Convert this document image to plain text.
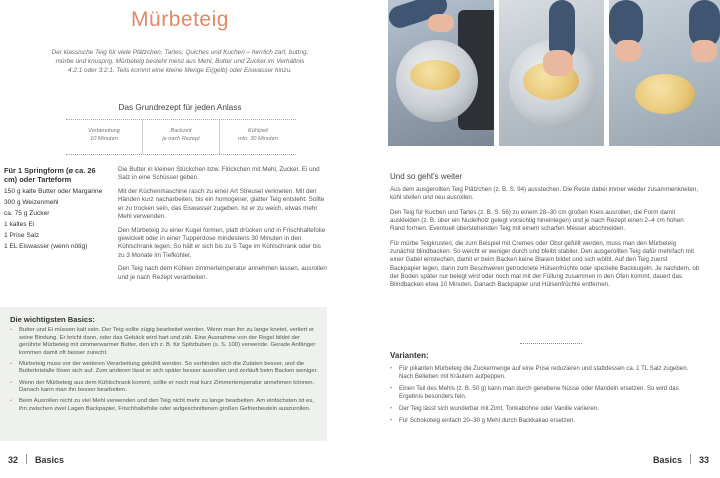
Mürbeteig
Der klassische Teig für viele Plätzchen, Tartes, Quiches und Kuchen – herrlich zart, buttrig, mürbe und knusprig. Mürbeteig besteht meist aus Mehl, Butter und Zucker im Verhältnis 4:2:1 oder 3:2:1. Teils kommt eine kleine Menge Ei(gelb) oder Eiswasser hinzu.
Das Grundrezept für jeden Anlass
Vorbereitung
10 Minuten
Backzeit
je nach Rezept
Kühlzeit
min. 30 Minuten
Für 1 Springform (ø ca. 26 cm) oder Tarteform
150 g kalte Butter oder Margarine
300 g Weizenmehl
ca. 75 g Zucker
1 kaltes Ei
1 Prise Salz
1 EL Eiswasser (wenn nötig)

Die Butter in kleinen Stückchen bzw. Flöckchen mit Mehl, Zucker, Ei und Salz in eine Schüssel geben.

Mit der Küchenmaschine rasch zu einer Art Streusel verkneten. Mit den Händen kurz nacharbeiten, bis ein homogener, glatter Teig entsteht. Sollte er zu trocken sein, das Eiswasser zugeben. Ist er zu weich, etwas mehr Mehl verwenden.

Den Mürbeteig zu einer Kugel formen, platt drücken und in Frischhaltefolie gewickelt oder in einer Tupperdose mindestens 30 Minuten in den Kühlschrank legen. So hält er sich bis zu 5 Tage im Kühlschrank oder bis zu 3 Monate im Tiefkühler.

Den Teig nach dem Kühlen zimmertemperatur annehmen lassen, ausrollen und je nach Rezept verarbeiten.

Die wichtigsten Basics:
• Butter und Ei müssen kalt sein. Der Teig sollte zügig bearbeitet werden. Wenn man ihn zu lange knetet, verliert er seine Bindung. Er bricht dann, oder das Gebäck wird hart und zäh. Eine Ausnahme von der Regel bildet der gerührte Mürbeteig mit zimmerwarmer Butter, den ich z. B. für Spitzbuben (s. S. 100) verwende. Gerade Anfänger kommen damit oft besser zurecht.
• Mürbeteig muss vor der weiteren Verarbeitung gekühlt werden. So verbinden sich die Zutaten besser, und die Butterkristalle lösen sich auf. Zum anderen lässt er sich später besser ausrollen und zerläuft beim Backen weniger.
• Wenn der Mürbeteig aus dem Kühlschrank kommt, sollte er noch mal kurz Zimmertemperatur annehmen können. Danach kann man ihn besser bearbeiten.
• Beim Ausrollen nicht zu viel Mehl verwenden und den Teig nicht mehr zu lange bearbeiten. Am einfachsten ist es, ihn zwischen zwei Lagen Backpapier, Frischhaltefolie oder aufgeschnittenen großen Gefrierbeuteln auszurollen.
32 Basics
Und so geht's weiter

Aus dem ausgerollten Teig Plätzchen (z. B. S. 94) ausstechen. Die Reste dabei immer wieder zusammenkneten, kühl stellen und neu ausrollen.

Den Teig für Kuchen und Tartes (z. B. S. 56) zu einem 28–30 cm großen Kreis ausrollen, die Form damit auskleiden (z. B. über ein Nudelholz gelegt vorsichtig hineinlegen) und je nach Rezept einen 2–4 cm hohen Rand formen. Eventuell überstehenden Teig mit einem scharfen Messer abschneiden.

Für mürbe Teigkrusten, die zum Beispiel mit Cremes oder Obst gefüllt werden, muss man den Mürbeteig zunächst blindbacken. So weicht er weniger durch und bleibt stabiler. Den ausgerollten Teig dafür mehrfach mit einer Gabel einstechen, damit er beim Backen keine Blasen bildet und sich wölbt. Auf den Teig zuerst Backpapier legen, dann zum Beschweren getrocknete Hülsenfrüchte oder spezielle Backkugeln. Je nachdem, ob der Boden später nur belegt wird oder noch mal mit der Füllung zusammen in den Ofen kommt, dauert das Blindbacken etwa 10 Minuten. Danach Backpapier und Hülsenfrüchte entfernen.

Varianten:
• Für pikanten Mürbeteig die Zuckermenge auf eine Prise reduzieren und stattdessen ca. 1 TL Salz zugeben. Nach Belieben mit Kräutern aufpeppen.
• Einen Teil des Mehls (z. B. 50 g) kann man durch geriebene Nüsse oder Mandeln ersetzen. So wird das Ergebnis besonders fein.
• Der Teig lässt sich wunderbar mit Zimt, Tonkabohne oder Vanille variieren.
• Für Schokoteig einfach 20–30 g Mehl durch Backkakao ersetzen.
Basics 33
